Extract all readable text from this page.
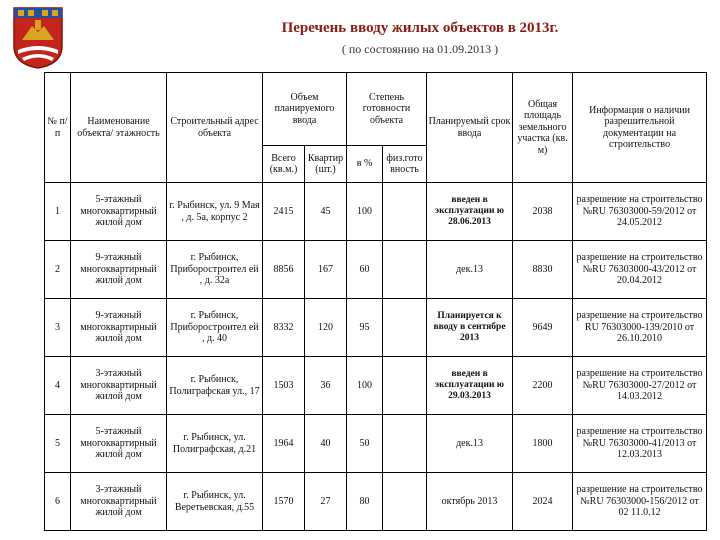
Перечень вводу жилых объектов в 2013г.
( по состоянию на 01.09.2013 )
№ п/п	Наименование объекта/ этажность	Строительный адрес объекта	Объем планируемого ввода		Степень готовности объекта		Планируемый срок ввода	Общая площадь земельного участка (кв. м)	Информация о наличии разрешительной документации на строительство
			Всего (кв.м.)	Квартир (шт.)	в %	физ.гото вность			
1	5-этажный многоквартирный жилой дом	г. Рыбинск, ул. 9 Мая , д. 5а, корпус 2	2415	45	100		введен в эксплуатации ю 28.06.2013	2038	разрешение на строительство №RU 76303000-59/2012 от 24.05.2012
2	9-этажный многоквартирный жилой дом	г. Рыбинск, Приборостроител ей , д. 32а	8856	167	60		дек.13	8830	разрешение на строительство №RU 76303000-43/2012 от 20.04.2012
3	9-этажный многоквартирный жилой дом	г. Рыбинск, Приборостроител ей , д. 40	8332	120	95		Планируется к вводу в сентябре 2013	9649	разрешение на строительство RU 76303000-139/2010 от 26.10.2010
4	3-этажный многоквартирный жилой дом	г. Рыбинск, Полиграфская ул., 17	1503	36	100		введен в эксплуатации ю 29.03.2013	2200	разрешение на строительство №RU 76303000-27/2012 от 14.03.2012
5	5-этажный многоквартирный жилой дом	г. Рыбинск, ул. Полиграфская, д.21	1964	40	50		дек.13	1800	разрешение на строительство №RU 76303000-41/2013 от 12.03.2013
6	3-этажный многоквартирный жилой дом	г. Рыбинск, ул. Веретьевская, д.55	1570	27	80		октябрь 2013	2024	разрешение на строительство №RU 76303000-156/2012 от 02 11.0.12
